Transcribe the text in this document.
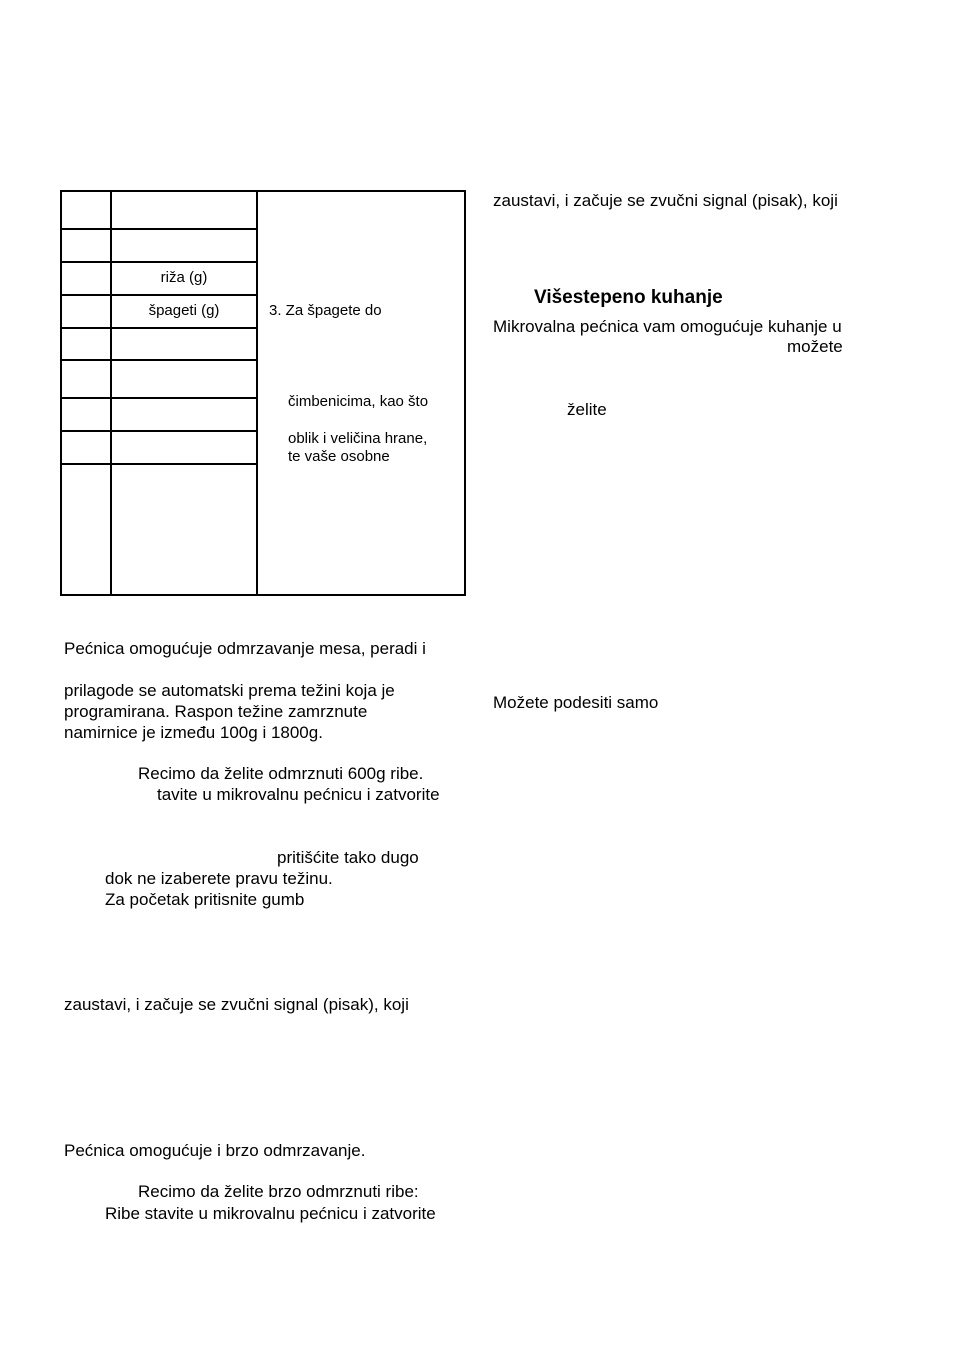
riža (g)
špageti (g)	3. Za špagete do
čimbenicima, kao što
oblik i veličina hrane,
te vaše osobne
Pećnica omogućuje odmrzavanje mesa, peradi i
prilagode se automatski prema težini koja je
programirana. Raspon težine zamrznute
namirnice je između 100g i 1800g.
Recimo da želite odmrznuti 600g ribe.
tavite u mikrovalnu pećnicu i zatvorite
pritišćite tako dugo
dok ne izaberete pravu težinu.
Za početak pritisnite gumb
zaustavi, i začuje se zvučni signal (pisak), koji
Pećnica omogućuje i brzo odmrzavanje.
Recimo da želite brzo odmrznuti ribe:
Ribe stavite u mikrovalnu pećnicu i zatvorite
zaustavi, i začuje se zvučni signal (pisak), koji
Višestepeno kuhanje
Mikrovalna pećnica vam omogućuje kuhanje u
možete
želite
Možete podesiti samo
